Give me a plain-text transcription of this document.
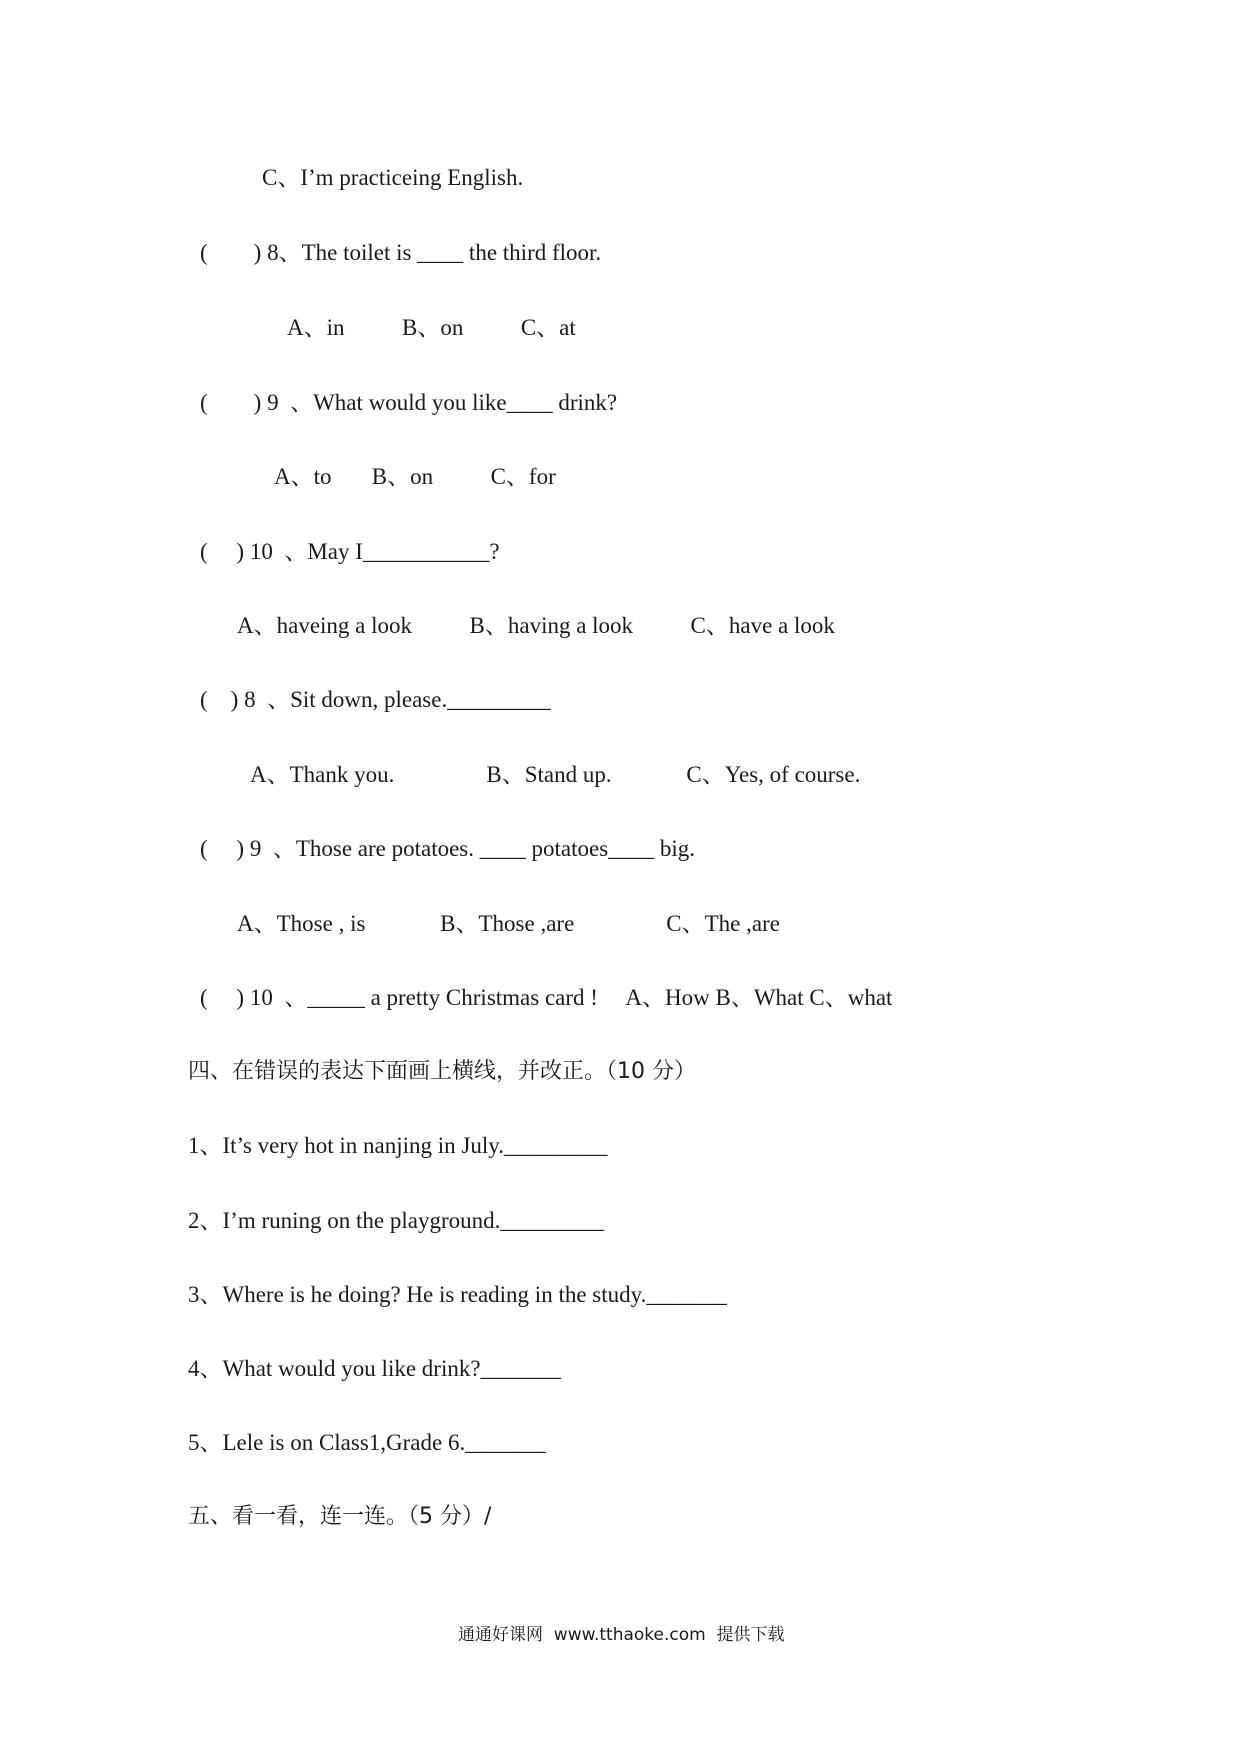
C、I’m practiceing English.
(        ) 8、The toilet is ____ the third floor.
A、in          B、on          C、at
(        ) 9  、What would you like____ drink?
A、to       B、on          C、for
(     ) 10  、May I___________?
A、haveing a look          B、having a look          C、have a look
(    ) 8  、Sit down, please._________
A、Thank you.                B、Stand up.             C、Yes, of course.
(     ) 9  、Those are potatoes. ____ potatoes____ big.
A、Those , is             B、Those ,are                C、The ,are
(     ) 10  、_____ a pretty Christmas card !     A、How B、What C、what
四、在错误的表达下面画上横线，并改正。（10 分）
1、It’s very hot in nanjing in July._________
2、I’m runing on the playground._________
3、Where is he doing? He is reading in the study._______
4、What would you like drink?_______
5、Lele is on Class1,Grade 6._______
五、看一看，连一连。（5 分）/
通通好课网  www.tthaoke.com  提供下载
